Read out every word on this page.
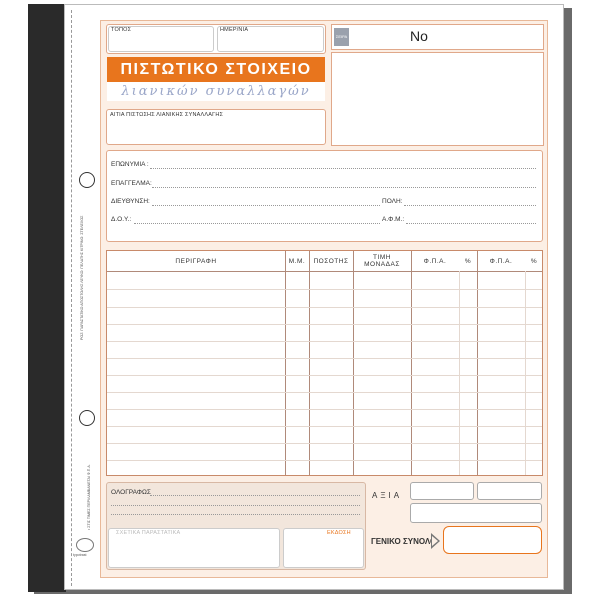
ΡΟΖ: ΠΑΡΑΣΤΑΤΙΚΟ ΑΠΟΣΤΟΛΗΣ ΛΕΥΚΟ: ΠΕΛΑΤΗΣ ΚΙΤΡΙΝΟ: ΣΤΕΛΕΧΟΣ
• ΣΤΙΣ ΤΙΜΕΣ ΠΕΡΙΛΑΜΒΑΝΕΤΑΙ Φ.Π.Α.
typotrast
ΤΟΠΟΣ	ΗΜΕΡ/ΝΙΑ
ΠΙΣΤΩΤΙΚΟ ΣΤΟΙΧΕΙΟ
λιανικών συναλλαγών
ΑΙΤΙΑ ΠΙΣΤΩΣΗΣ ΛΙΑΝΙΚΗΣ ΣΥΝΑΛΛΑΓΗΣ
ΣΕΙΡΑ	No
ΕΠΩΝΥΜΙΑ :
ΕΠΑΓΓΕΛΜΑ:
ΔΙΕΥΘΥΝΣΗ:	ΠΟΛΗ:
Δ.Ο.Υ.:	Α.Φ.Μ.:
ΠΕΡΙΓΡΑΦΗ	Μ.Μ.	ΠΟΣΟΤΗΣ	ΤΙΜΗ ΜΟΝΑΔΑΣ	Φ.Π.Α.	%	Φ.Π.Α.	%
ΟΛΟΓΡΑΦΩΣ
ΣΧΕΤΙΚΑ ΠΑΡΑΣΤΑΤΙΚΑ	ΕΚΔΟΣΗ
ΑΞΙΑ
ΓΕΝΙΚΟ ΣΥΝΟΛΟ
